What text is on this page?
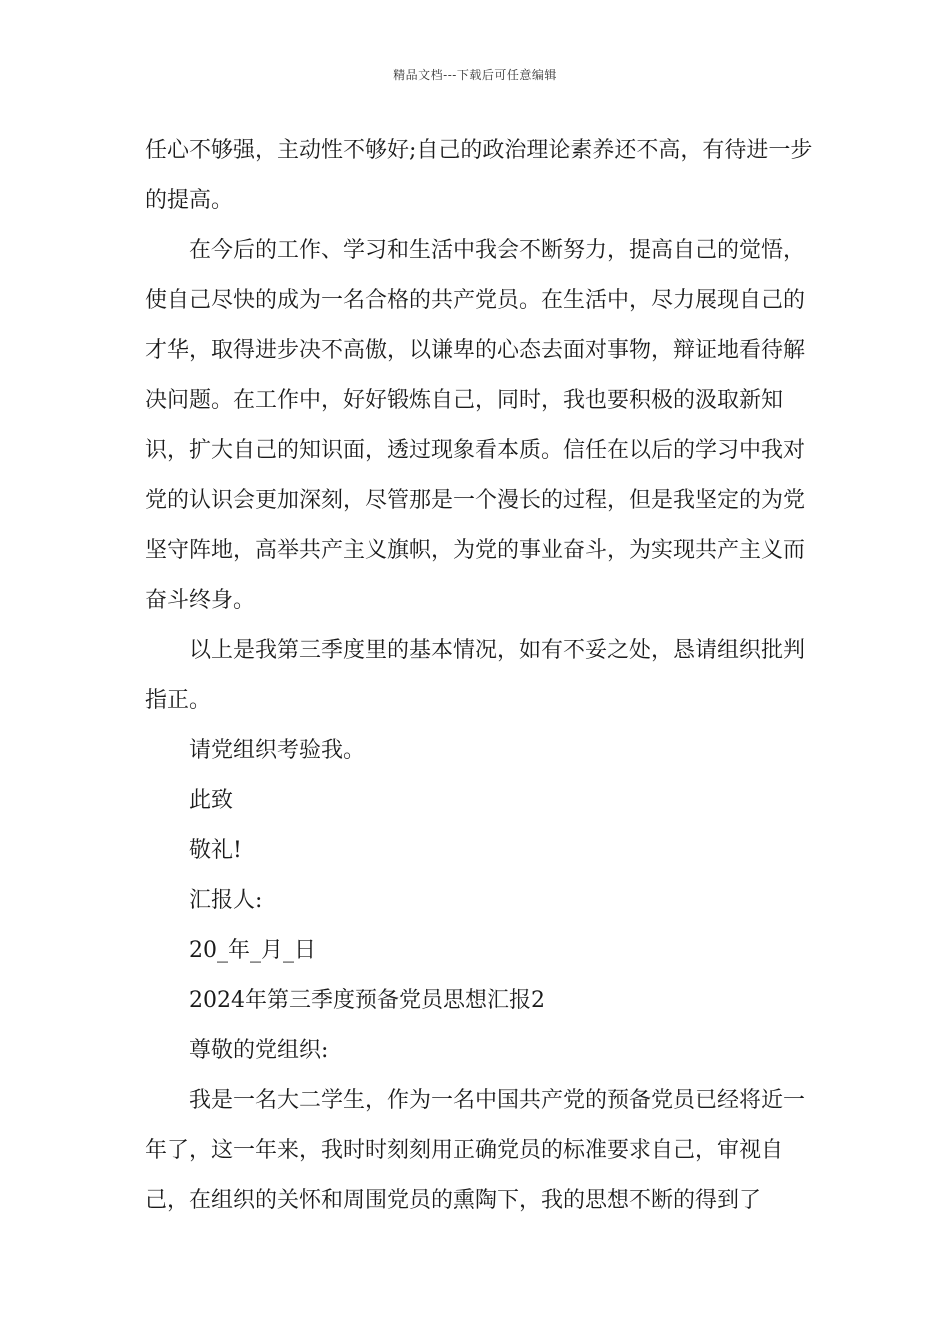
精品文档---下载后可任意编辑

任心不够强，主动性不够好;自己的政治理论素养还不高，有待进一步的提高。

在今后的工作、学习和生活中我会不断努力，提高自己的觉悟，使自己尽快的成为一名合格的共产党员。在生活中，尽力展现自己的才华，取得进步决不高傲，以谦卑的心态去面对事物，辩证地看待解决问题。在工作中，好好锻炼自己，同时，我也要积极的汲取新知识，扩大自己的知识面，透过现象看本质。信任在以后的学习中我对党的认识会更加深刻，尽管那是一个漫长的过程，但是我坚定的为党坚守阵地，高举共产主义旗帜，为党的事业奋斗，为实现共产主义而奋斗终身。

以上是我第三季度里的基本情况，如有不妥之处，恳请组织批判指正。

请党组织考验我。

此致

敬礼!

汇报人:

20_年_月_日

2024年第三季度预备党员思想汇报2

尊敬的党组织:

我是一名大二学生，作为一名中国共产党的预备党员已经将近一年了，这一年来，我时时刻刻用正确党员的标准要求自己，审视自己，在组织的关怀和周围党员的熏陶下，我的思想不断的得到了
